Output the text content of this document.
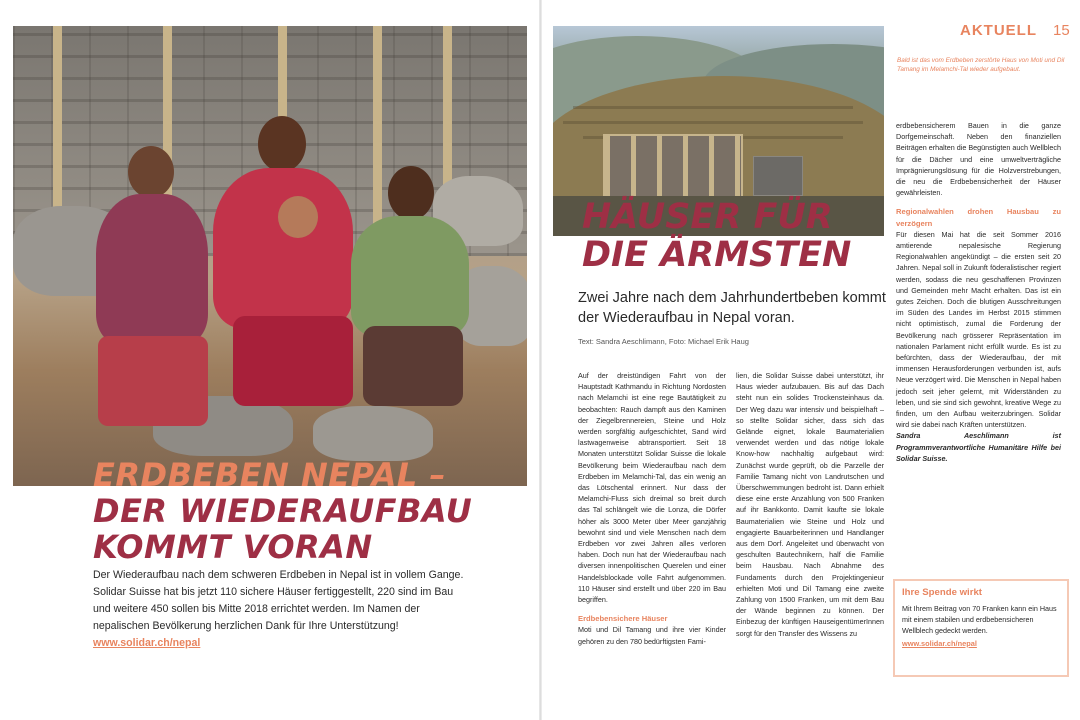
ERDBEBEN NEPAL –
DER WIEDERAUFBAU
KOMMT VORAN
Der Wiederaufbau nach dem schweren Erdbeben in Nepal ist in vollem Gange. Solidar Suisse hat bis jetzt 110 sichere Häuser fertiggestellt, 220 sind im Bau und weitere 450 sollen bis Mitte 2018 errichtet werden. Im Namen der nepalischen Bevölkerung herzlichen Dank für Ihre Unterstützung!
www.solidar.ch/nepal
AKTUELL 15
Bald ist das vom Erdbeben zerstörte Haus von Moti und Dil Tamang im Melamchi-Tal wieder aufgebaut.
HÄUSER FÜR
DIE ÄRMSTEN
Zwei Jahre nach dem Jahrhundertbeben kommt der Wiederaufbau in Nepal voran.
Text: Sandra Aeschlimann, Foto: Michael Erik Haug

Auf der dreistündigen Fahrt von der Hauptstadt Kathmandu in Richtung Nordosten nach Melamchi ist eine rege Bautätigkeit zu beobachten: Rauch dampft aus den Kaminen der Ziegelbrennereien, Steine und Holz werden sorgfältig aufgeschichtet, Sand wird lastwagenweise abtransportiert. Seit 18 Monaten unterstützt Solidar Suisse die lokale Bevölkerung beim Wiederaufbau nach dem Erdbeben im Melamchi-Tal, das ein wenig an das Lötschental erinnert. Nur dass der Melamchi-Fluss sich dreimal so breit durch das Tal schlängelt wie die Lonza, die Dörfer höher als 3000 Meter über Meer ganzjährig bewohnt sind und viele Menschen nach dem Erdbeben vor zwei Jahren alles verloren haben. Doch nun hat der Wiederaufbau nach diversen innenpolitischen Querelen und einer Handelsblockade volle Fahrt aufgenommen. 110 Häuser sind erstellt und über 220 im Bau begriffen.

Erdbebensichere Häuser

Moti und Dil Tamang und ihre vier Kinder gehören zu den 780 bedürftigsten Fami-

lien, die Solidar Suisse dabei unterstützt, ihr Haus wieder aufzubauen. Bis auf das Dach steht nun ein solides Trockensteinhaus da. Der Weg dazu war intensiv und beispielhaft – so stellte Solidar sicher, dass sich das Gelände eignet, lokale Baumaterialien verwendet werden und das nötige lokale Know-how nachhaltig aufgebaut wird: Zunächst wurde geprüft, ob die Parzelle der Familie Tamang nicht von Landrutschen und Überschwemmungen bedroht ist. Dann erhielt diese eine erste Anzahlung von 500 Franken auf ihr Bankkonto. Damit kaufte sie lokale Baumaterialien wie Steine und Holz und engagierte Bauarbeiterinnen und Handlanger aus dem Dorf. Angeleitet und überwacht von geschulten Bautechnikern, half die Familie beim Hausbau. Nach Abnahme des Fundaments durch den Projektingenieur erhielten Moti und Dil Tamang eine zweite Zahlung von 1500 Franken, um mit dem Bau der Wände beginnen zu können. Der Einbezug der künftigen HauseigentümerInnen sorgt für den Transfer des Wissens zu

erdbebensicherem Bauen in die ganze Dorfgemeinschaft. Neben den finanziellen Beiträgen erhalten die Begünstigten auch Wellblech für die Dächer und eine umweltverträgliche Imprägnierungslösung für die Holzverstrebungen, die neu die Erdbebensicherheit der Häuser gewährleisten.

Regionalwahlen drohen Hausbau zu verzögern

Für diesen Mai hat die seit Sommer 2016 amtierende nepalesische Regierung Regionalwahlen angekündigt – die ersten seit 20 Jahren. Nepal soll in Zukunft föderalistischer regiert werden, sodass die neu geschaffenen Provinzen und Gemeinden mehr Macht erhalten. Das ist ein gutes Zeichen. Doch die blutigen Ausschreitungen im Süden des Landes im Herbst 2015 stimmen nicht optimistisch, zumal die Forderung der Bevölkerung nach grösserer Repräsentation im nationalen Parlament nicht erfüllt wurde. Es ist zu befürchten, dass der Wiederaufbau, der mit immensen Herausforderungen verbunden ist, aufs Neue verzögert wird. Die Menschen in Nepal haben jedoch seit jeher gelernt, mit Widerständen zu leben, und sie sind sich gewohnt, kreative Wege zu finden, um den Aufbau weiterzubringen. Solidar wird sie dabei nach Kräften unterstützen.

Sandra Aeschlimann ist Programmverantwortliche Humanitäre Hilfe bei Solidar Suisse.

Ihre Spende wirkt
Mit Ihrem Beitrag von 70 Franken kann ein Haus mit einem stabilen und erdbebensicheren Wellblech gedeckt werden.
www.solidar.ch/nepal
